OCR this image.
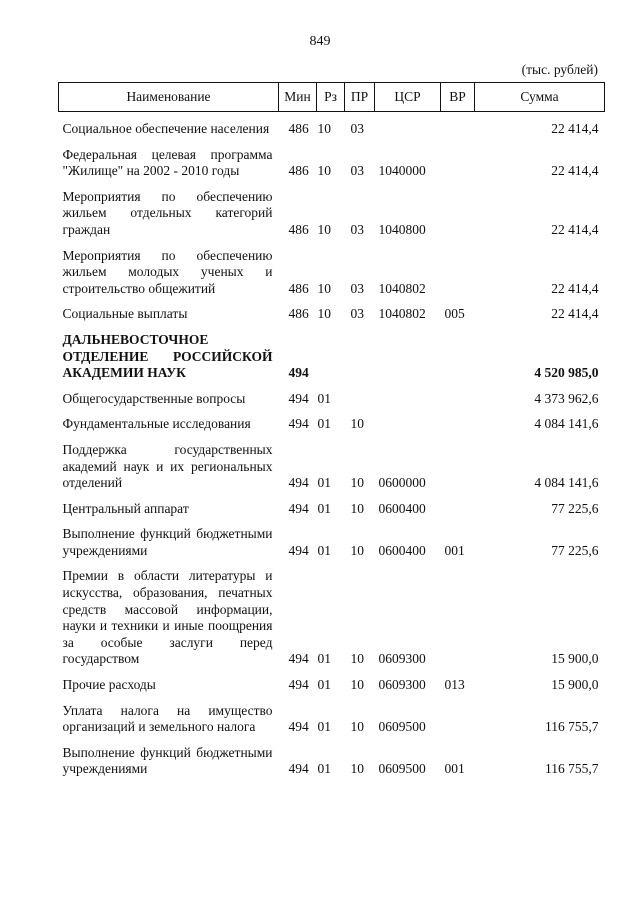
849
(тыс. рублей)
Наименование	Мин	Рз	ПР	ЦСР	ВР	Сумма
Социальное обеспечение населения	486	10	03			22 414,4
Федеральная целевая программа "Жилище" на 2002 - 2010 годы	486	10	03	1040000		22 414,4
Мероприятия по обеспечению жильем отдельных категорий граждан	486	10	03	1040800		22 414,4
Мероприятия по обеспечению жильем молодых ученых и строительство общежитий	486	10	03	1040802		22 414,4
Социальные выплаты	486	10	03	1040802	005	22 414,4
ДАЛЬНЕВОСТОЧНОЕ ОТДЕЛЕНИЕ РОССИЙСКОЙ АКАДЕМИИ НАУК	494					4 520 985,0
Общегосударственные вопросы	494	01				4 373 962,6
Фундаментальные исследования	494	01	10			4 084 141,6
Поддержка государственных академий наук и их региональных отделений	494	01	10	0600000		4 084 141,6
Центральный аппарат	494	01	10	0600400		77 225,6
Выполнение функций бюджетными учреждениями	494	01	10	0600400	001	77 225,6
Премии в области литературы и искусства, образования, печатных средств массовой информации, науки и техники и иные поощрения за особые заслуги перед государством	494	01	10	0609300		15 900,0
Прочие расходы	494	01	10	0609300	013	15 900,0
Уплата налога на имущество организаций и земельного налога	494	01	10	0609500		116 755,7
Выполнение функций бюджетными учреждениями	494	01	10	0609500	001	116 755,7
